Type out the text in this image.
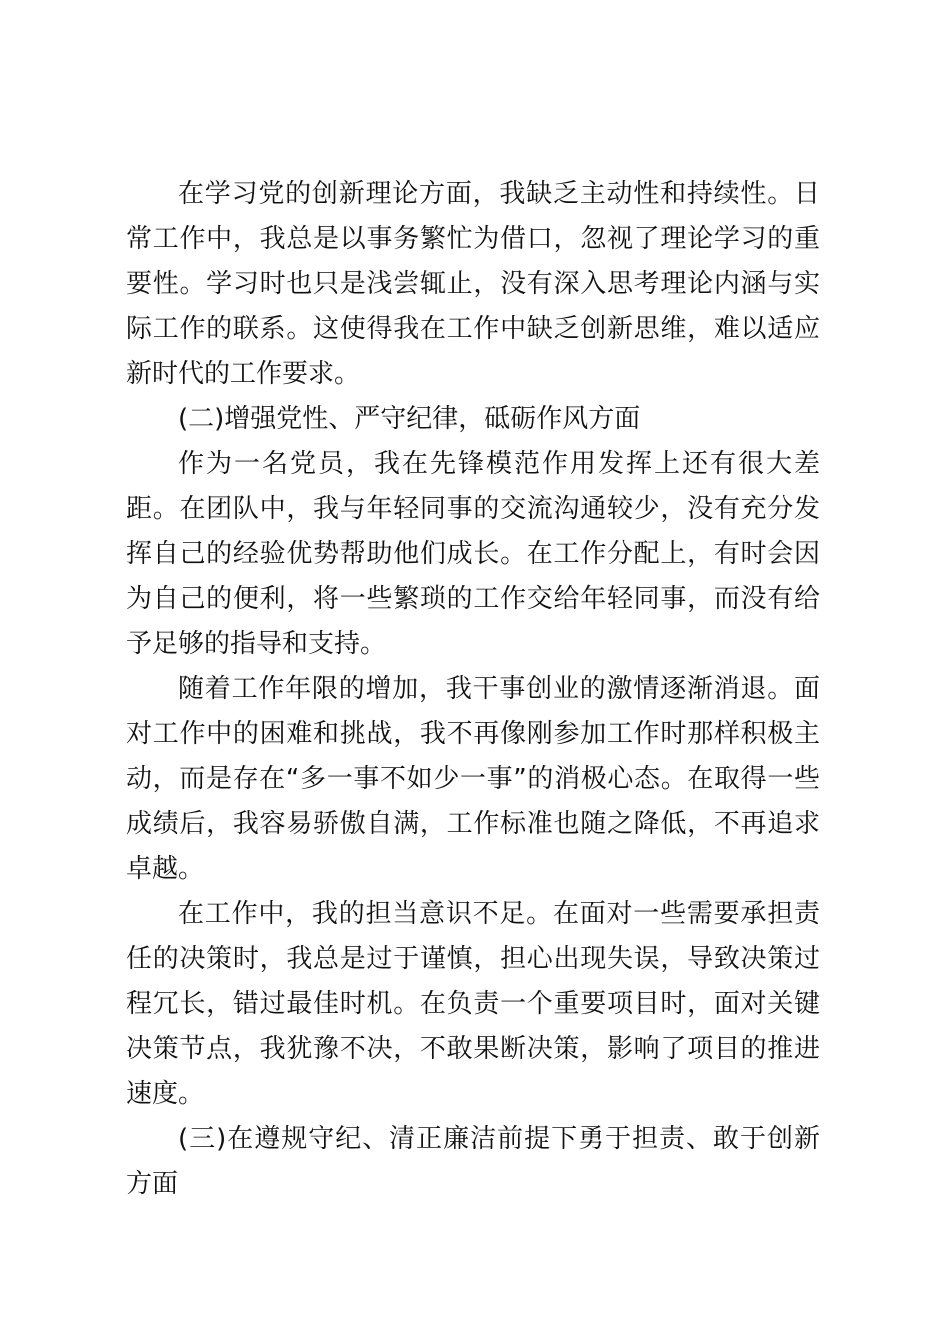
在学习党的创新理论方面，我缺乏主动性和持续性。日常工作中，我总是以事务繁忙为借口，忽视了理论学习的重要性。学习时也只是浅尝辄止，没有深入思考理论内涵与实际工作的联系。这使得我在工作中缺乏创新思维，难以适应新时代的工作要求。

(二)增强党性、严守纪律，砥砺作风方面

作为一名党员，我在先锋模范作用发挥上还有很大差距。在团队中，我与年轻同事的交流沟通较少，没有充分发挥自己的经验优势帮助他们成长。在工作分配上，有时会因为自己的便利，将一些繁琐的工作交给年轻同事，而没有给予足够的指导和支持。

随着工作年限的增加，我干事创业的激情逐渐消退。面对工作中的困难和挑战，我不再像刚参加工作时那样积极主动，而是存在“多一事不如少一事”的消极心态。在取得一些成绩后，我容易骄傲自满，工作标准也随之降低，不再追求卓越。

在工作中，我的担当意识不足。在面对一些需要承担责任的决策时，我总是过于谨慎，担心出现失误，导致决策过程冗长，错过最佳时机。在负责一个重要项目时，面对关键决策节点，我犹豫不决，不敢果断决策，影响了项目的推进速度。

(三)在遵规守纪、清正廉洁前提下勇于担责、敢于创新方面
